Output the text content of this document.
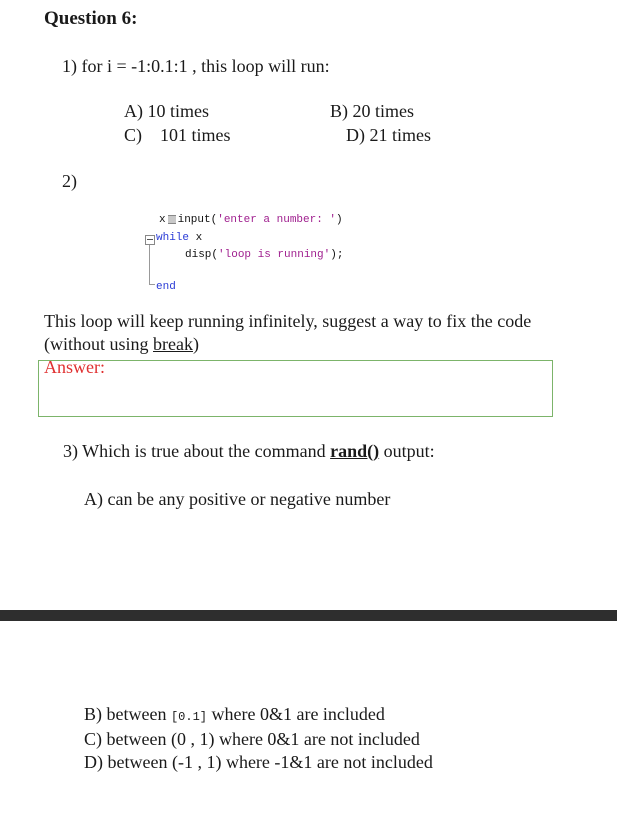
Question 6:
1) for i = -1:0.1:1 , this loop will run:
A) 10 times	B) 20 times
C)    101 times	D) 21 times
2)
x input('enter a number: ')
while x
disp('loop is running');
end
This loop will keep running infinitely, suggest a way to fix the code (without using break)
Answer:
3) Which is true about the command rand() output:
A) can be any positive or negative number
B) between [0.1] where 0&1 are included
C) between (0 , 1) where 0&1 are not included
D) between (-1 , 1) where -1&1 are not included
